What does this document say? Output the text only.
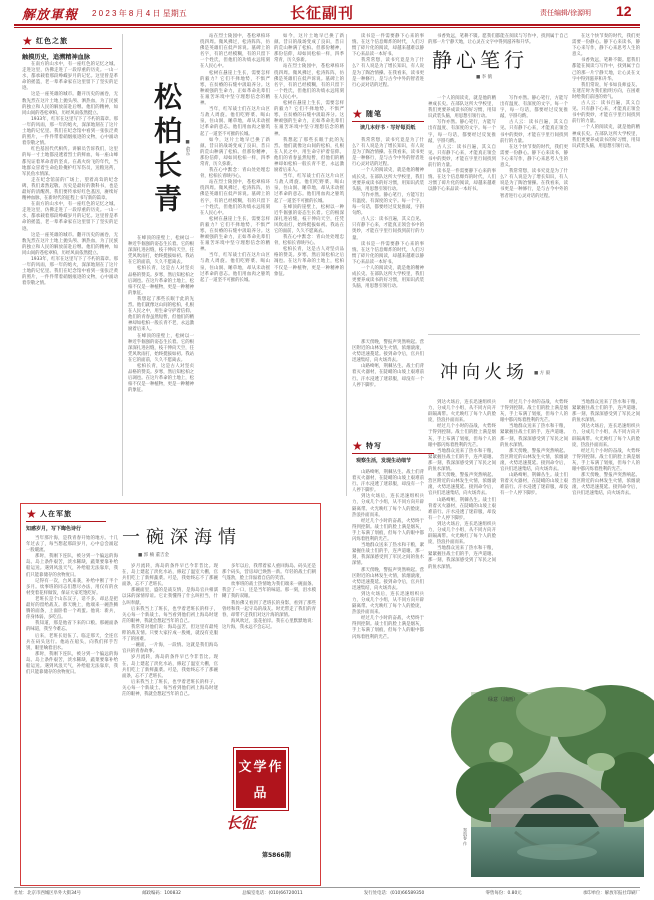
解放軍報 2 0 2 3 年 8 月 4 日 星期五	长征副刊	责任编辑/徐源明 12
★ 红色之旅
触摸历史，追溯精神血脉

在南方的山水中，有一座红色的记忆之城。走进这里，仿佛走进了一段厚重的历史。一山一水，都承载着那段峥嵘岁月的记忆。这里曾是革命的摇篮，老一辈革命家在这里留下了坚实的足迹。

这是一座英雄的城市。翻开历史的画卷，无数先烈在这片土地上抛头颅、洒热血，为了民族的独立和人民的解放前赴后继。他们的精神，如同山间的苍松翠柏，历经风雨依然挺立。

1933年，红军在这里写下了不朽的篇章。那一年的风雨，那一年的炮火，深深地刻在了这片土地的记忆里。我们在纪念馆中看到一张张泛黄的照片，一件件带着硝烟痕迹的文物，心中涌动着崇敬之情。

红色基因代代相传。讲解员告诉我们，这里的每一寸土地都浸透着烈士的鲜血，每一座山峰都见证着革命者的坚贞。在战火纷飞的年代，当地群众冒着生命危险掩护红军伤员，送粮送药，军民鱼水情深。

走在纪念馆前的广场上，望着高耸的纪念碑，我们肃然起敬。历史是最好的教科书，也是最好的清醒剂。我们要传承好红色基因，赓续好精神血脉，在新时代的征程上书写新的篇章。

在南方的山水中，有一座红色的记忆之城。走进这里，仿佛走进了一段厚重的历史。一山一水，都承载着那段峥嵘岁月的记忆。这里曾是革命的摇篮，老一辈革命家在这里留下了坚实的足迹。

这是一座英雄的城市。翻开历史的画卷，无数先烈在这片土地上抛头颅、洒热血，为了民族的独立和人民的解放前赴后继。他们的精神，如同山间的苍松翠柏，历经风雨依然挺立。

1933年，红军在这里写下了不朽的篇章。那一年的风雨，那一年的炮火，深深地刻在了这片土地的记忆里。我们在纪念馆中看到一张张泛黄的照片，一件件带着硝烟痕迹的文物，心中涌动着崇敬之情。

松柏长青 ■ 俞东

在峰顶的崖壁上，松树以一种近乎倔强的姿态生长着。它的根深深扎进岩缝，枝干伸向天空，任凭风吹雨打，始终挺拔如初。我站在它的面前，久久不愿离去。

松柏长青，这是古人对坚贞品格的赞美。岁寒，然后知松柏之后凋也。在这片革命的土地上，松柏不仅是一种植物，更是一种精神的象征。

我想起了那些长眠于此的先烈。他们就像这山间的松柏，扎根在人民之中，用生命守护着信仰。他们的青春虽然短暂，但他们的精神却如松柏一般长青不老，永远激励着后来人。

在峰顶的崖壁上，松树以一种近乎倔强的姿态生长着。它的根深深扎进岩缝，枝干伸向天空，任凭风吹雨打，始终挺拔如初。我站在它的面前，久久不愿离去。

松柏长青，这是古人对坚贞品格的赞美。岁寒，然后知松柏之后凋也。在这片革命的土地上，松柏不仅是一种植物，更是一种精神的象征。

站在烈士陵园中，苍松翠柏环绕四周。微风拂过，松涛阵阵，仿佛是英雄们在低声诉说。墓碑上的名字，有的已经模糊，有的只留下一个姓氏，但他们的功绩永远铭刻在人民心中。

松树在悬崖上生长，需要怎样的毅力？它们不择地势，不惧严寒，在贫瘠的石缝中汲取养分。这种顽强的生命力，正如革命先辈们在艰苦环境中坚守理想信念的精神。

当年，红军战士们在这片山区与敌人周旋。他们吃野菜、喝山泉，住山洞、睡草地，却从未动摇过革命的意志。他们用血肉之躯筑起了一道坚不可摧的长城。

如今，这片土地早已换了新颜。昔日的战场变成了良田，昔日的荒山种满了松柏。但那份精神，那份信仰，却如同松柏一样，四季常青，历久弥新。

我在心中默念：青山处处埋忠骨，松柏长青映丹心。

站在烈士陵园中，苍松翠柏环绕四周。微风拂过，松涛阵阵，仿佛是英雄们在低声诉说。墓碑上的名字，有的已经模糊，有的只留下一个姓氏，但他们的功绩永远铭刻在人民心中。

松树在悬崖上生长，需要怎样的毅力？它们不择地势，不惧严寒，在贫瘠的石缝中汲取养分。这种顽强的生命力，正如革命先辈们在艰苦环境中坚守理想信念的精神。

当年，红军战士们在这片山区与敌人周旋。他们吃野菜、喝山泉，住山洞、睡草地，却从未动摇过革命的意志。他们用血肉之躯筑起了一道坚不可摧的长城。

如今，这片土地早已换了新颜。昔日的战场变成了良田，昔日的荒山种满了松柏。但那份精神，那份信仰，却如同松柏一样，四季常青，历久弥新。

站在烈士陵园中，苍松翠柏环绕四周。微风拂过，松涛阵阵，仿佛是英雄们在低声诉说。墓碑上的名字，有的已经模糊，有的只留下一个姓氏，但他们的功绩永远铭刻在人民心中。

松树在悬崖上生长，需要怎样的毅力？它们不择地势，不惧严寒，在贫瘠的石缝中汲取养分。这种顽强的生命力，正如革命先辈们在艰苦环境中坚守理想信念的精神。

我想起了那些长眠于此的先烈。他们就像这山间的松柏，扎根在人民之中，用生命守护着信仰。他们的青春虽然短暂，但他们的精神却如松柏一般长青不老，永远激励着后来人。

当年，红军战士们在这片山区与敌人周旋。他们吃野菜、喝山泉，住山洞、睡草地，却从未动摇过革命的意志。他们用血肉之躯筑起了一道坚不可摧的长城。

在峰顶的崖壁上，松树以一种近乎倔强的姿态生长着。它的根深深扎进岩缝，枝干伸向天空，任凭风吹雨打，始终挺拔如初。我站在它的面前，久久不愿离去。

我在心中默念：青山处处埋忠骨，松柏长青映丹心。

松柏长青，这是古人对坚贞品格的赞美。岁寒，然后知松柏之后凋也。在这片革命的土地上，松柏不仅是一种植物，更是一种精神的象征。

★ 随笔
读几本好书 · 写好每页纸
静心笔行
■ 李 鹤

读书是一件需要静下心来的事情。在这个信息爆炸的时代，人们习惯了碎片化的阅读，却越来越难以静下心来品读一本好书。

我常常想，读书究竟是为了什么？有人说是为了增长知识，有人说是为了陶冶情操。在我看来，读书更是一种修行，是与古今中外的智者进行心灵对话的过程。

我常常想，读书究竟是为了什么？有人说是为了增长知识，有人说是为了陶冶情操。在我看来，读书更是一种修行，是与古今中外的智者进行心灵对话的过程。

一个人的阅读史，就是他的精神成长史。在部队这所大学校里，我们更要养成读书的好习惯，用知识武装头脑，用思想引领行动。

写作亦然。静心笔行，方能写出有温度、有深度的文字。每一个字，每一句话，都要经过反复推敲，字斟句酌。

古人云：读书百遍，其义自见。只有静下心来，才能真正领会书中的奥妙，才能在字里行间找到前行的力量。

读书是一件需要静下心来的事情。在这个信息爆炸的时代，人们习惯了碎片化的阅读，却越来越难以静下心来品读一本好书。

一个人的阅读史，就是他的精神成长史。在部队这所大学校里，我们更要养成读书的好习惯，用知识武装头脑，用思想引领行动。

一个人的阅读史，就是他的精神成长史。在部队这所大学校里，我们更要养成读书的好习惯，用知识武装头脑，用思想引领行动。

写作亦然。静心笔行，方能写出有温度、有深度的文字。每一个字，每一句话，都要经过反复推敲，字斟句酌。

古人云：读书百遍，其义自见。只有静下心来，才能真正领会书中的奥妙，才能在字里行间找到前行的力量。

读书是一件需要静下心来的事情。在这个信息爆炸的时代，人们习惯了碎片化的阅读，却越来越难以静下心来品读一本好书。

写作亦然。静心笔行，方能写出有温度、有深度的文字。每一个字，每一句话，都要经过反复推敲，字斟句酌。

古人云：读书百遍，其义自见。只有静下心来，才能真正领会书中的奥妙，才能在字里行间找到前行的力量。

在这个快节奏的时代，我们更需要一份静心。静下心来读书，静下心来写作，静下心来思考人生的意义。

我常常想，读书究竟是为了什么？有人说是为了增长知识，有人说是为了陶冶情操。在我看来，读书更是一种修行，是与古今中外的智者进行心灵对话的过程。

在这个快节奏的时代，我们更需要一份静心。静下心来读书，静下心来写作，静下心来思考人生的意义。

书香致远，笔耕不辍。愿我们都能在阅读与写作中，找到属于自己的那一片宁静天地，让心灵在文字中得到滋养和升华。

我们常说，好书如良师益友。在迷茫时为我们指明方向，在困难时给我们前进的勇气。

古人云：读书百遍，其义自见。只有静下心来，才能真正领会书中的奥妙，才能在字里行间找到前行的力量。

一个人的阅读史，就是他的精神成长史。在部队这所大学校里，我们更要养成读书的好习惯，用知识武装头脑，用思想引领行动。

书香致远，笔耕不辍。愿我们都能在阅读与写作中，找到属于自己的那一片宁静天地，让心灵在文字中得到滋养和升华。

★ 特写
观察生活，发现生动细节
冲向火场 ■ 方 毅

那天傍晚，警报声突然响起。营区附近的山林发生火情，浓烟滚滚，火势迅速蔓延。接到命令后，官兵们迅速集结，向火场奔去。

山路崎岖，荆棘丛生。战士们背着灭火器材，在陡峭的山坡上艰难前行。汗水浸透了迷彩服，却没有一个人停下脚步。

山路崎岖，荆棘丛生。战士们背着灭火器材，在陡峭的山坡上艰难前行。汗水浸透了迷彩服，却没有一个人停下脚步。

到达火场后，连长迅速组织兵力，分成几个小组，从不同方向开辟隔离带。火光映红了每个人的脸庞，热浪扑面而来。

经过几个小时的奋战，火势终于得到控制。战士们的脸上满是烟灰，手上布满了划痕，但每个人的眼中都闪烁着胜利的光芒。

当地群众送来了热水和干粮，紧紧握住战士们的手，连声道谢。那一刻，我深深感受到了军民之间的鱼水深情。

那天傍晚，警报声突然响起。营区附近的山林发生火情，浓烟滚滚，火势迅速蔓延。接到命令后，官兵们迅速集结，向火场奔去。

到达火场后，连长迅速组织兵力，分成几个小组，从不同方向开辟隔离带。火光映红了每个人的脸庞，热浪扑面而来。

经过几个小时的奋战，火势终于得到控制。战士们的脸上满是烟灰，手上布满了划痕，但每个人的眼中都闪烁着胜利的光芒。

到达火场后，连长迅速组织兵力，分成几个小组，从不同方向开辟隔离带。火光映红了每个人的脸庞，热浪扑面而来。

经过几个小时的奋战，火势终于得到控制。战士们的脸上满是烟灰，手上布满了划痕，但每个人的眼中都闪烁着胜利的光芒。

当地群众送来了热水和干粮，紧紧握住战士们的手，连声道谢。那一刻，我深深感受到了军民之间的鱼水深情。

那天傍晚，警报声突然响起。营区附近的山林发生火情，浓烟滚滚，火势迅速蔓延。接到命令后，官兵们迅速集结，向火场奔去。

山路崎岖，荆棘丛生。战士们背着灭火器材，在陡峭的山坡上艰难前行。汗水浸透了迷彩服，却没有一个人停下脚步。

到达火场后，连长迅速组织兵力，分成几个小组，从不同方向开辟隔离带。火光映红了每个人的脸庞，热浪扑面而来。

当地群众送来了热水和干粮，紧紧握住战士们的手，连声道谢。那一刻，我深深感受到了军民之间的鱼水深情。

经过几个小时的奋战，火势终于得到控制。战士们的脸上满是烟灰，手上布满了划痕，但每个人的眼中都闪烁着胜利的光芒。

当地群众送来了热水和干粮，紧紧握住战士们的手，连声道谢。那一刻，我深深感受到了军民之间的鱼水深情。

那天傍晚，警报声突然响起。营区附近的山林发生火情，浓烟滚滚，火势迅速蔓延。接到命令后，官兵们迅速集结，向火场奔去。

山路崎岖，荆棘丛生。战士们背着灭火器材，在陡峭的山坡上艰难前行。汗水浸透了迷彩服，却没有一个人停下脚步。

当地群众送来了热水和干粮，紧紧握住战士们的手，连声道谢。那一刻，我深深感受到了军民之间的鱼水深情。

到达火场后，连长迅速组织兵力，分成几个小组，从不同方向开辟隔离带。火光映红了每个人的脸庞，热浪扑面而来。

经过几个小时的奋战，火势终于得到控制。战士们的脸上满是烟灰，手上布满了划痕，但每个人的眼中都闪烁着胜利的光芒。

那天傍晚，警报声突然响起。营区附近的山林发生火情，浓烟滚滚，火势迅速蔓延。接到命令后，官兵们迅速集结，向火场奔去。

绿意（油画）
郑凯春 作
★ 人在军旅
知感岁月，写下晦色诗行 一碗深海情
■ 郭 楠 董吉金

当年那片海，是我青春开始的地方。十几年过去了，每当想起那段岁月，心中总会涌起一股暖流。

那时，我刚下连队，被分到一个偏远的海岛。岛上条件艰苦，淡水稀缺，蔬菜要靠补给船运送。遇到风浪天气，补给船无法靠岸，我们只能靠储存的食物度日。

记得有一次，台风来袭，补给中断了半个多月。炊事班的同志们想尽办法，用仅有的食材变着花样做饭，保证大家吃饱吃好。

老班长是个山东汉子，话不多，却总是把最好的留给战友。那天晚上，他端来一碗热腾腾的面条，上面卧着一个鸡蛋。他说：新兵，你身体弱，多吃点。

我知道，那是他省下来的口粮。那碗面条的味道，我至今难忘。

后来，老班长退伍了。临走那天，全连官兵在码头送行。他站在船头，向我们挥手告别，眼里噙着泪水。

那时，我刚下连队，被分到一个偏远的海岛。岛上条件艰苦，淡水稀缺，蔬菜要靠补给船运送。遇到风浪天气，补给船无法靠岸，我们只能靠储存的食物度日。

岁月流转，海岛的条件早已今非昔比。现在，岛上建起了淡化水站，修起了温室大棚，官兵们吃上了新鲜蔬菜。可是，我始终忘不了那碗面条，忘不了老班长。

那碗面里，盛的是战友情，是海岛官兵相濡以沫的深情厚谊。它让我懂得了什么叫担当，什么叫奉献。

后来我当上了班长，也学着老班长的样子，关心每一个新战士。每当看到他们初上海岛时迷茫的眼神，我就会想起当年的自己。

我常常对他们说：海岛虽苦，但这里有最纯粹的战友情。只要大家拧成一股绳，就没有克服不了的困难。

一碗面，一片海，一段情。这就是我们海岛官兵的青春故事。

岁月流转，海岛的条件早已今非昔比。现在，岛上建起了淡化水站，修起了温室大棚，官兵们吃上了新鲜蔬菜。可是，我始终忘不了那碗面条，忘不了老班长。

后来我当上了班长，也学着老班长的样子，关心每一个新战士。每当看到他们初上海岛时迷茫的眼神，我就会想起当年的自己。

多年以后，我带着家人重回海岛。码头还是那个码头，营房却已焕然一新。年轻的战士们朝气蓬勃，脸上洋溢着自信的笑容。

炊事班的战士热情地为我们端来一碗面条。我尝了一口，还是当年的味道。那一刻，泪水模糊了我的双眼。

我仿佛又看到了老班长的身影，看到了那些曾经和我一起守岛的战友。时光带走了我们的青春，却带不走我们对这片海的深情。

海风吹过，浪花拍岸。我在心里默默地说：这片海，我永远不会忘记。

文学作品
长征
第5866期
社址：北京市西城区阜外大街34号	邮政编码：100832	总编室电话：(010)66720011	发行处电话：(010)66589350	零售每份：0.80元	承印单位：解放军报社印刷厂
